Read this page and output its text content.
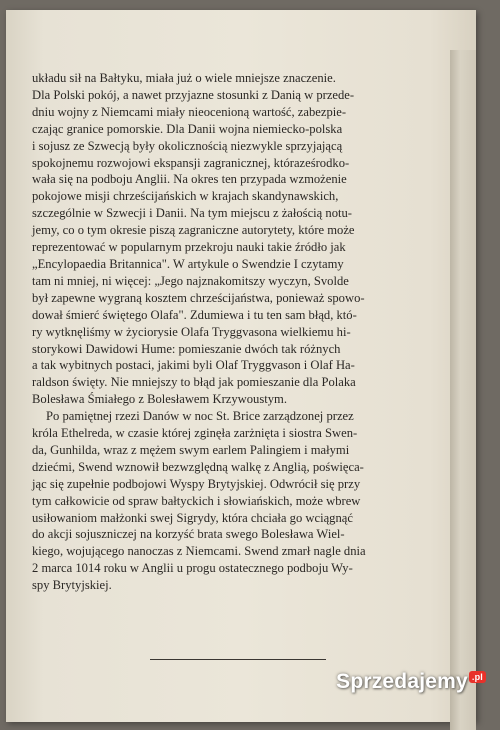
układu sił na Bałtyku, miała już o wiele mniejsze znaczenie.
Dla Polski pokój, a nawet przyjazne stosunki z Danią w przede-
dniu wojny z Niemcami miały nieocenioną wartość, zabezpie-
czając granice pomorskie. Dla Danii wojna niemiecko-polska
i sojusz ze Szwecją były okolicznością niezwykle sprzyjającą
spokojnemu rozwojowi ekspansji zagranicznej, któraześrodko-
wała się na podboju Anglii. Na okres ten przypada wzmożenie
pokojowe misji chrześcijańskich w krajach skandynawskich,
szczególnie w Szwecji i Danii. Na tym miejscu z żałością notu-
jemy, co o tym okresie piszą zagraniczne autorytety, które może
reprezentować w popularnym przekroju nauki takie źródło jak
„Encylopaedia Britannica". W artykule o Swendzie I czytamy
tam ni mniej, ni więcej: „Jego najznakomitszy wyczyn, Svolde
był zapewne wygraną kosztem chrześcijaństwa, ponieważ spowo-
dował śmierć świętego Olafa". Zdumiewa i tu ten sam błąd, któ-
ry wytknęliśmy w życiorysie Olafa Tryggvasona wielkiemu hi-
storykowi Dawidowi Hume: pomieszanie dwóch tak różnych
a tak wybitnych postaci, jakimi byli Olaf Tryggvason i Olaf Ha-
raldson święty. Nie mniejszy to błąd jak pomieszanie dla Polaka
Bolesława Śmiałego z Bolesławem Krzywoustym.
Po pamiętnej rzezi Danów w noc St. Brice zarządzonej przez
króla Ethelreda, w czasie której zginęła zarżnięta i siostra Swen-
da, Gunhilda, wraz z mężem swym earlem Palingiem i małymi
dziećmi, Swend wznowił bezwzględną walkę z Anglią, poświęca-
jąc się zupełnie podbojowi Wyspy Brytyjskiej. Odwrócił się przy
tym całkowicie od spraw bałtyckich i słowiańskich, może wbrew
usiłowaniom małżonki swej Sigrydy, która chciała go wciągnąć
do akcji sojuszniczej na korzyść brata swego Bolesława Wiel-
kiego, wojującego nanoczas z Niemcami. Swend zmarł nagle dnia
2 marca 1014 roku w Anglii u progu ostatecznego podboju Wy-
spy Brytyjskiej.
Sprzedajemy .pl
